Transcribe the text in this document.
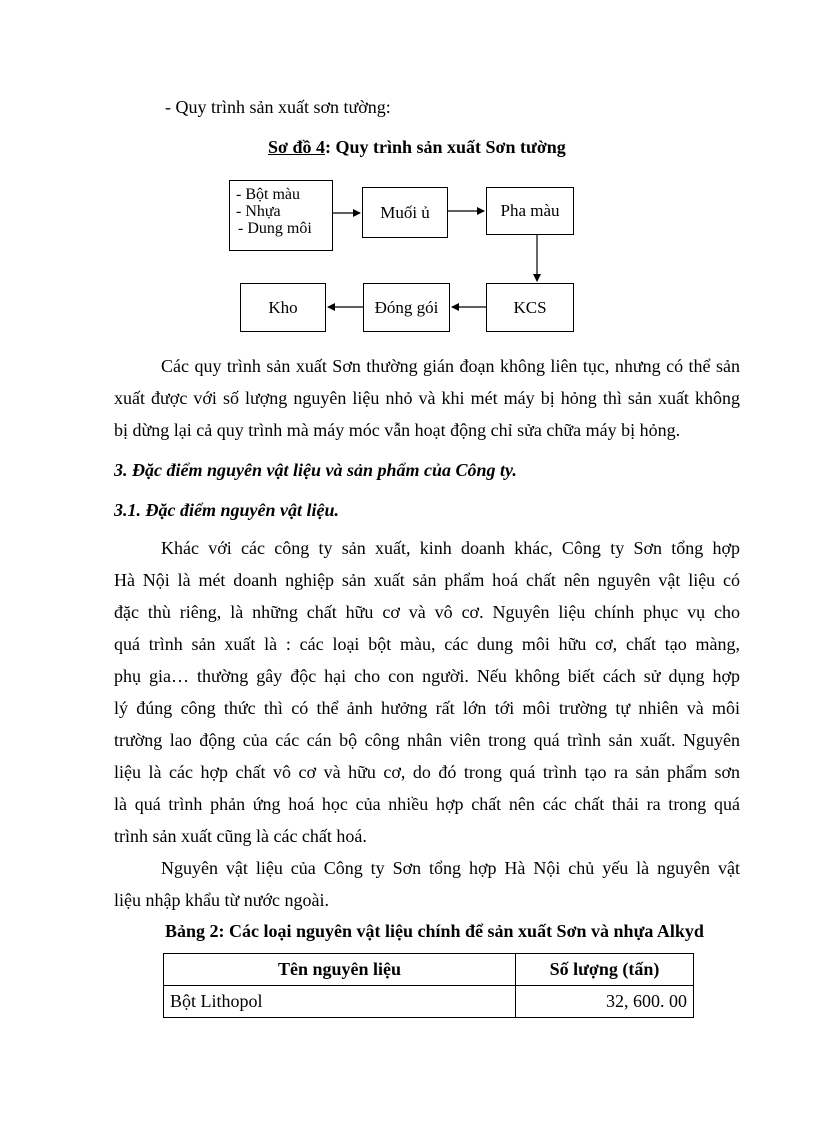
- Quy trình sản xuất sơn tường:
Sơ đồ 4: Quy trình sản xuất Sơn tường
- Bột màu
- Nhựa
- Dung môi
Muối ủ	Pha màu
KCS
Đóng gói
Kho
Các quy trình sản xuất Sơn thường gián đoạn không liên tục, nhưng có thể sản
xuất được với số lượng nguyên liệu nhỏ và khi mét máy bị hỏng thì sản xuất không
bị dừng lại cả quy trình mà máy móc vẫn hoạt động chỉ sửa chữa máy bị hỏng.
3. Đặc điểm nguyên vật liệu và sản phẩm của Công ty.
3.1. Đặc điểm nguyên vật liệu.
Khác với các công ty sản xuất, kinh doanh khác, Công ty Sơn tổng hợp
Hà Nội là mét doanh nghiệp sản xuất sản phẩm hoá chất nên nguyên vật liệu có
đặc thù riêng, là những chất hữu cơ và vô cơ. Nguyên liệu chính phục vụ cho
quá trình sản xuất là : các loại bột màu, các dung môi hữu cơ, chất tạo màng,
phụ gia… thường gây độc hại cho con người. Nếu không biết cách sử dụng hợp
lý đúng công thức thì có thể ảnh hưởng rất lớn tới môi trường tự nhiên và môi
trường lao động của các cán bộ công nhân viên trong quá trình sản xuất. Nguyên
liệu là các hợp chất vô cơ và hữu cơ, do đó trong quá trình tạo ra sản phẩm sơn
là quá trình phản ứng hoá học của nhiều hợp chất nên các chất thải ra trong quá
trình sản xuất cũng là các chất hoá.
Nguyên vật liệu của Công ty Sơn tổng hợp Hà Nội chủ yếu là nguyên vật
liệu nhập khẩu từ nước ngoài.
Bảng 2: Các loại nguyên vật liệu chính để sản xuất Sơn và nhựa Alkyd
Tên nguyên liệu	Số lượng (tấn)
Bột Lithopol	32, 600. 00
